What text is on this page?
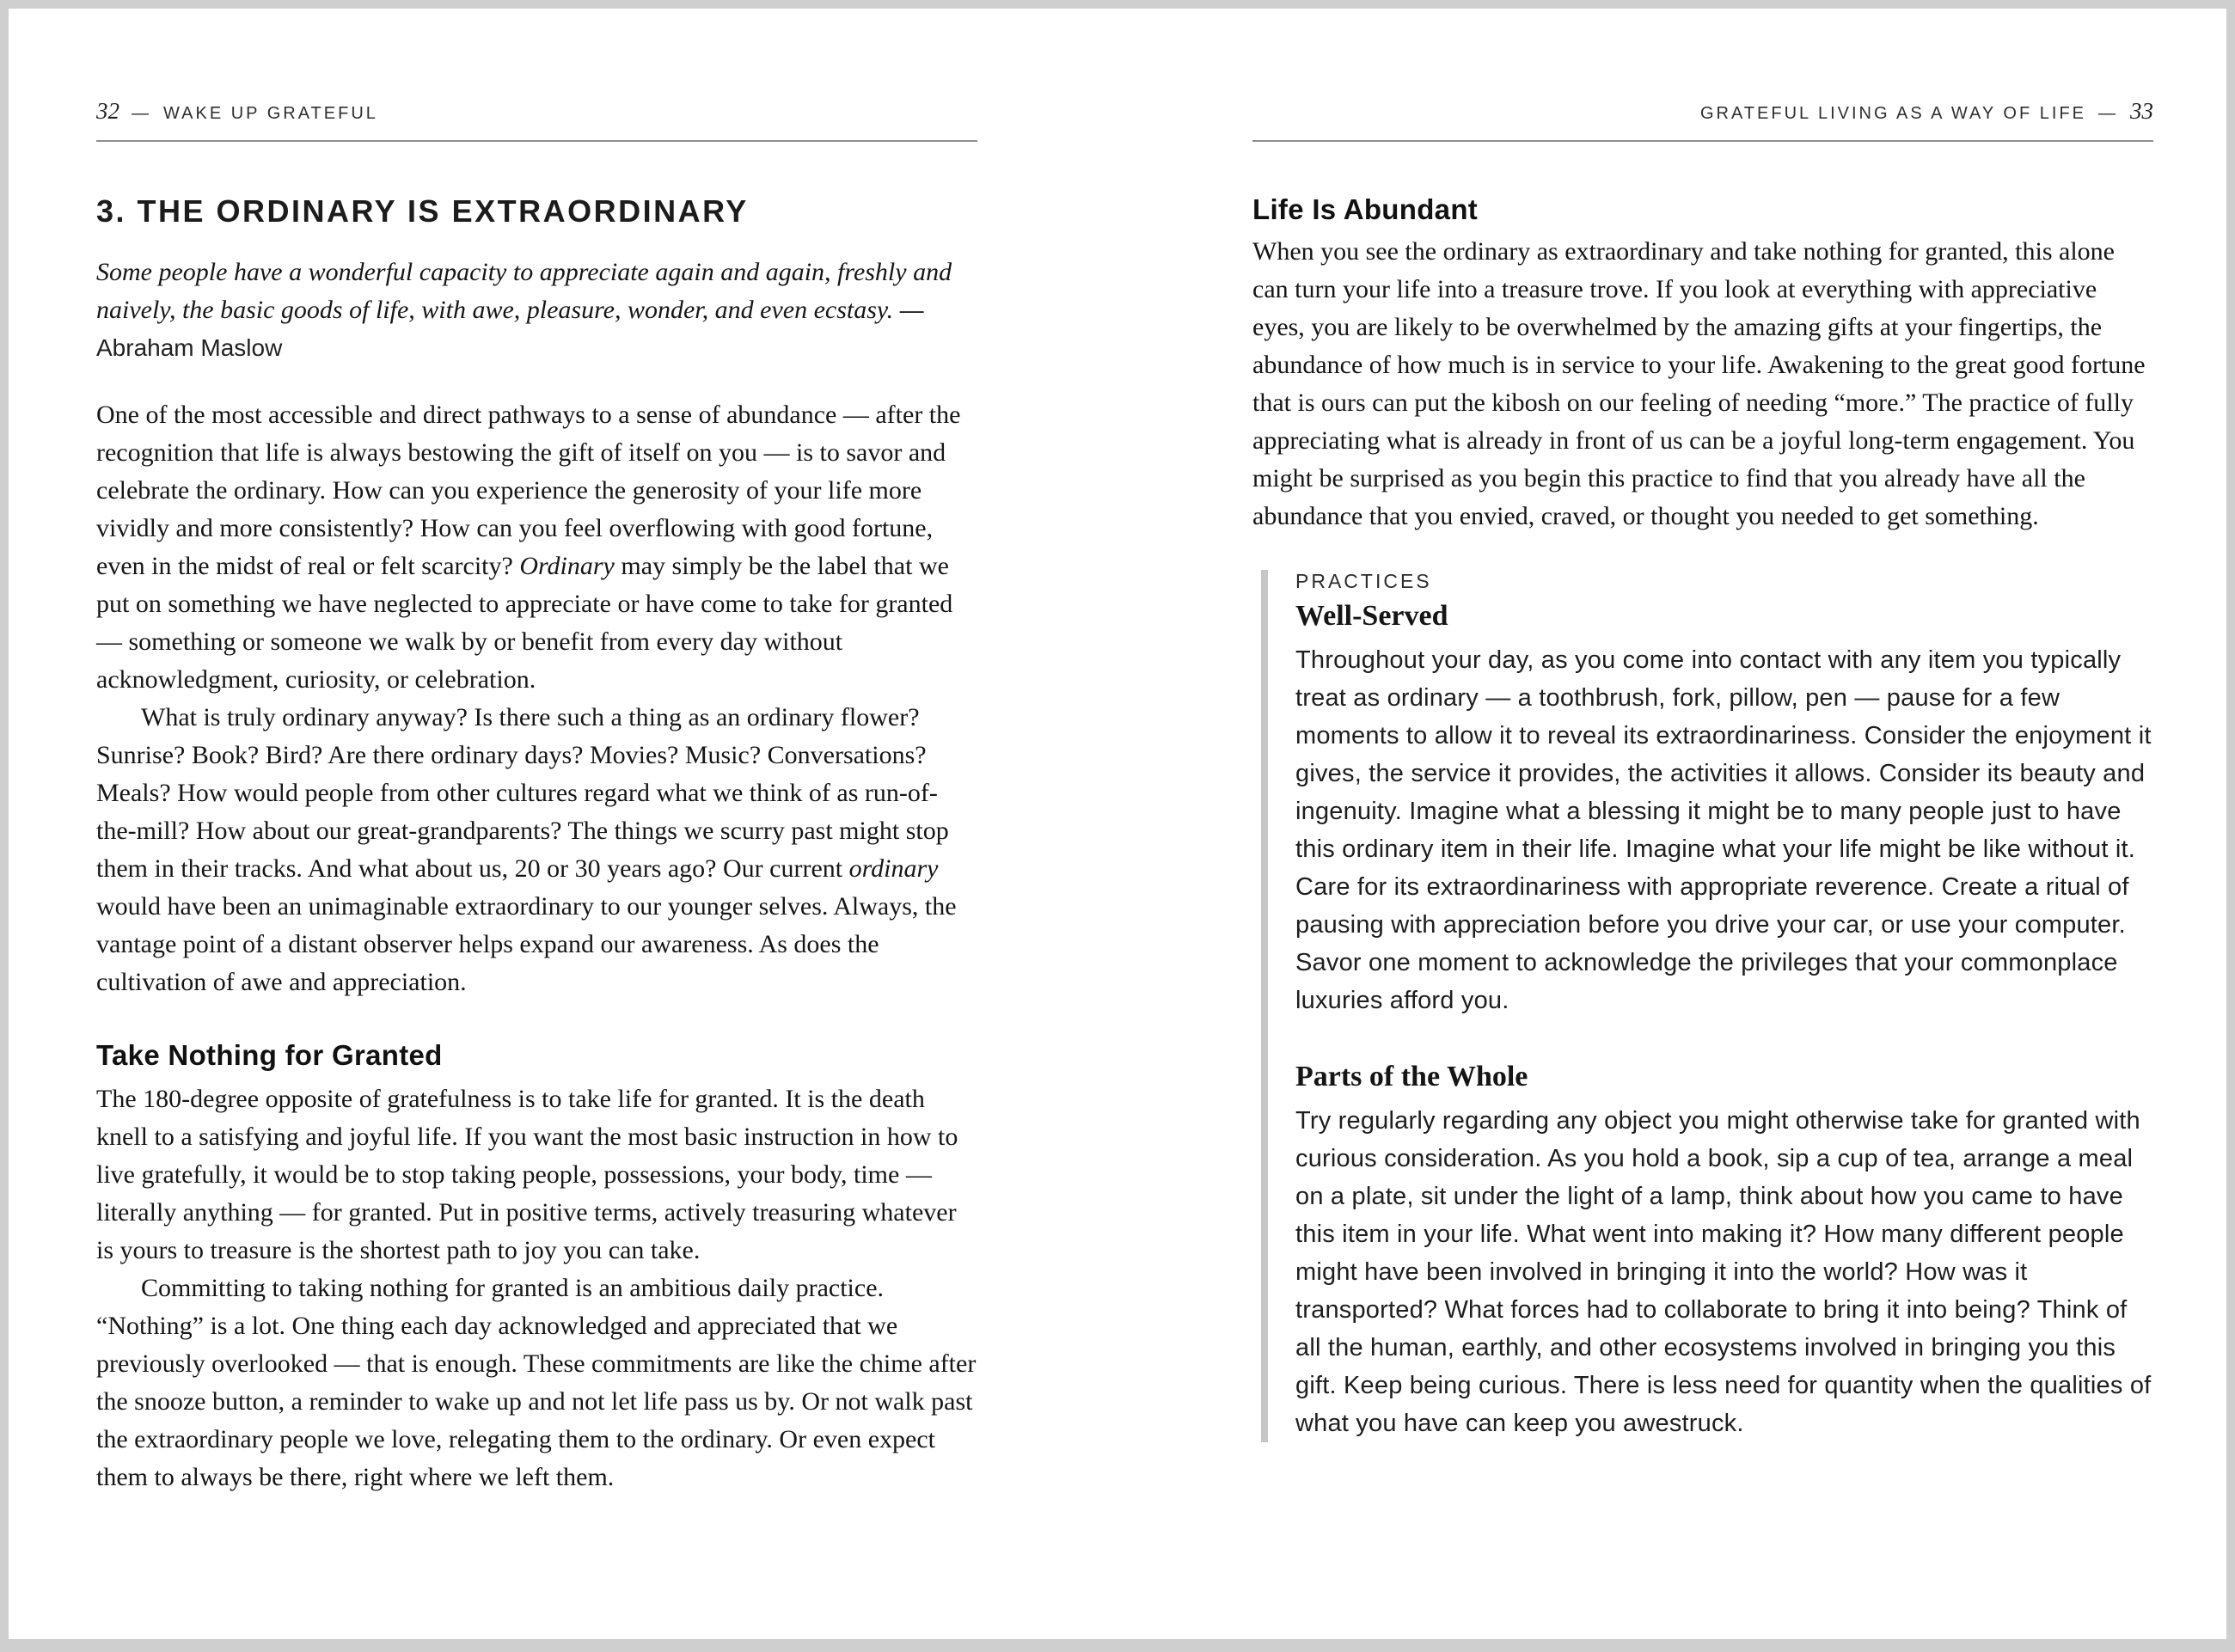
32 — WAKE UP GRATEFUL
3. THE ORDINARY IS EXTRAORDINARY
Some people have a wonderful capacity to appreciate again and again, freshly and naively, the basic goods of life, with awe, pleasure, wonder, and even ecstasy. — Abraham Maslow

One of the most accessible and direct pathways to a sense of abundance — after the recognition that life is always bestowing the gift of itself on you — is to savor and celebrate the ordinary. How can you experience the generosity of your life more vividly and more consistently? How can you feel overflowing with good fortune, even in the midst of real or felt scarcity? Ordinary may simply be the label that we put on something we have neglected to appreciate or have come to take for granted — something or someone we walk by or benefit from every day without acknowledgment, curiosity, or celebration.

What is truly ordinary anyway? Is there such a thing as an ordinary flower? Sunrise? Book? Bird? Are there ordinary days? Movies? Music? Conversations? Meals? How would people from other cultures regard what we think of as run-of-the-mill? How about our great-grandparents? The things we scurry past might stop them in their tracks. And what about us, 20 or 30 years ago? Our current ordinary would have been an unimaginable extraordinary to our younger selves. Always, the vantage point of a distant observer helps expand our awareness. As does the cultivation of awe and appreciation.

Take Nothing for Granted

The 180-degree opposite of gratefulness is to take life for granted. It is the death knell to a satisfying and joyful life. If you want the most basic instruction in how to live gratefully, it would be to stop taking people, possessions, your body, time — literally anything — for granted. Put in positive terms, actively treasuring whatever is yours to treasure is the shortest path to joy you can take.

Committing to taking nothing for granted is an ambitious daily practice. “Nothing” is a lot. One thing each day acknowledged and appreciated that we previously overlooked — that is enough. These commitments are like the chime after the snooze button, a reminder to wake up and not let life pass us by. Or not walk past the extraordinary people we love, relegating them to the ordinary. Or even expect them to always be there, right where we left them.

GRATEFUL LIVING AS A WAY OF LIFE — 33
Life Is Abundant

When you see the ordinary as extraordinary and take nothing for granted, this alone can turn your life into a treasure trove. If you look at everything with appreciative eyes, you are likely to be overwhelmed by the amazing gifts at your fingertips, the abundance of how much is in service to your life. Awakening to the great good fortune that is ours can put the kibosh on our feeling of needing “more.” The practice of fully appreciating what is already in front of us can be a joyful long-term engagement. You might be surprised as you begin this practice to find that you already have all the abundance that you envied, craved, or thought you needed to get something.

PRACTICES
Well-Served

Throughout your day, as you come into contact with any item you typically treat as ordinary — a toothbrush, fork, pillow, pen — pause for a few moments to allow it to reveal its extraordinariness. Consider the enjoyment it gives, the service it provides, the activities it allows. Consider its beauty and ingenuity. Imagine what a blessing it might be to many people just to have this ordinary item in their life. Imagine what your life might be like without it. Care for its extraordinariness with appropriate reverence. Create a ritual of pausing with appreciation before you drive your car, or use your computer. Savor one moment to acknowledge the privileges that your commonplace luxuries afford you.

Parts of the Whole

Try regularly regarding any object you might otherwise take for granted with curious consideration. As you hold a book, sip a cup of tea, arrange a meal on a plate, sit under the light of a lamp, think about how you came to have this item in your life. What went into making it? How many different people might have been involved in bringing it into the world? How was it transported? What forces had to collaborate to bring it into being? Think of all the human, earthly, and other ecosystems involved in bringing you this gift. Keep being curious. There is less need for quantity when the qualities of what you have can keep you awestruck.
